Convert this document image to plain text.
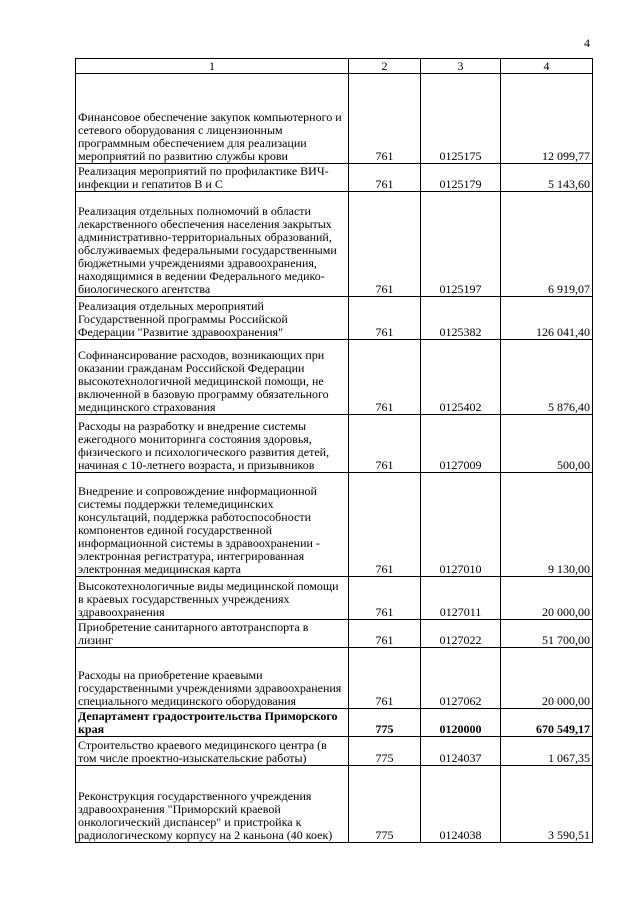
4
1	2	3	4
Финансовое обеспечение закупок компьютерного и сетевого оборудования с лицензионным программным обеспечением для реализации мероприятий по развитию службы крови	761	0125175	12 099,77
Реализация мероприятий по профилактике ВИЧ-инфекции и гепатитов B и C	761	0125179	5 143,60
Реализация отдельных полномочий в области лекарственного обеспечения населения закрытых административно-территориальных образований, обслуживаемых федеральными государственными бюджетными учреждениями здравоохранения, находящимися в ведении Федерального медико-биологического агентства	761	0125197	6 919,07
Реализация отдельных мероприятий Государственной программы Российской Федерации "Развитие здравоохранения"	761	0125382	126 041,40
Софинансирование расходов, возникающих при оказании гражданам Российской Федерации высокотехнологичной медицинской помощи, не включенной в базовую программу обязательного медицинского страхования	761	0125402	5 876,40
Расходы на разработку и внедрение системы ежегодного мониторинга состояния здоровья, физического и психологического развития детей, начиная с 10-летнего возраста, и призывников	761	0127009	500,00
Внедрение и сопровождение информационной системы поддержки телемедицинских консультаций, поддержка работоспособности компонентов единой государственной информационной системы в здравоохранении - электронная регистратура, интегрированная электронная медицинская карта	761	0127010	9 130,00
Высокотехнологичные виды медицинской помощи в краевых государственных учреждениях здравоохранения	761	0127011	20 000,00
Приобретение санитарного автотранспорта в лизинг	761	0127022	51 700,00
Расходы на приобретение краевыми государственными учреждениями здравоохранения специального медицинского оборудования	761	0127062	20 000,00
Департамент градостроительства Приморского края	775	0120000	670 549,17
Строительство краевого медицинского центра (в том числе проектно-изыскательские работы)	775	0124037	1 067,35
Реконструкция государственного учреждения здравоохранения "Приморский краевой онкологический диспансер" и пристройка к радиологическому корпусу на 2 каньона (40 коек)	775	0124038	3 590,51
